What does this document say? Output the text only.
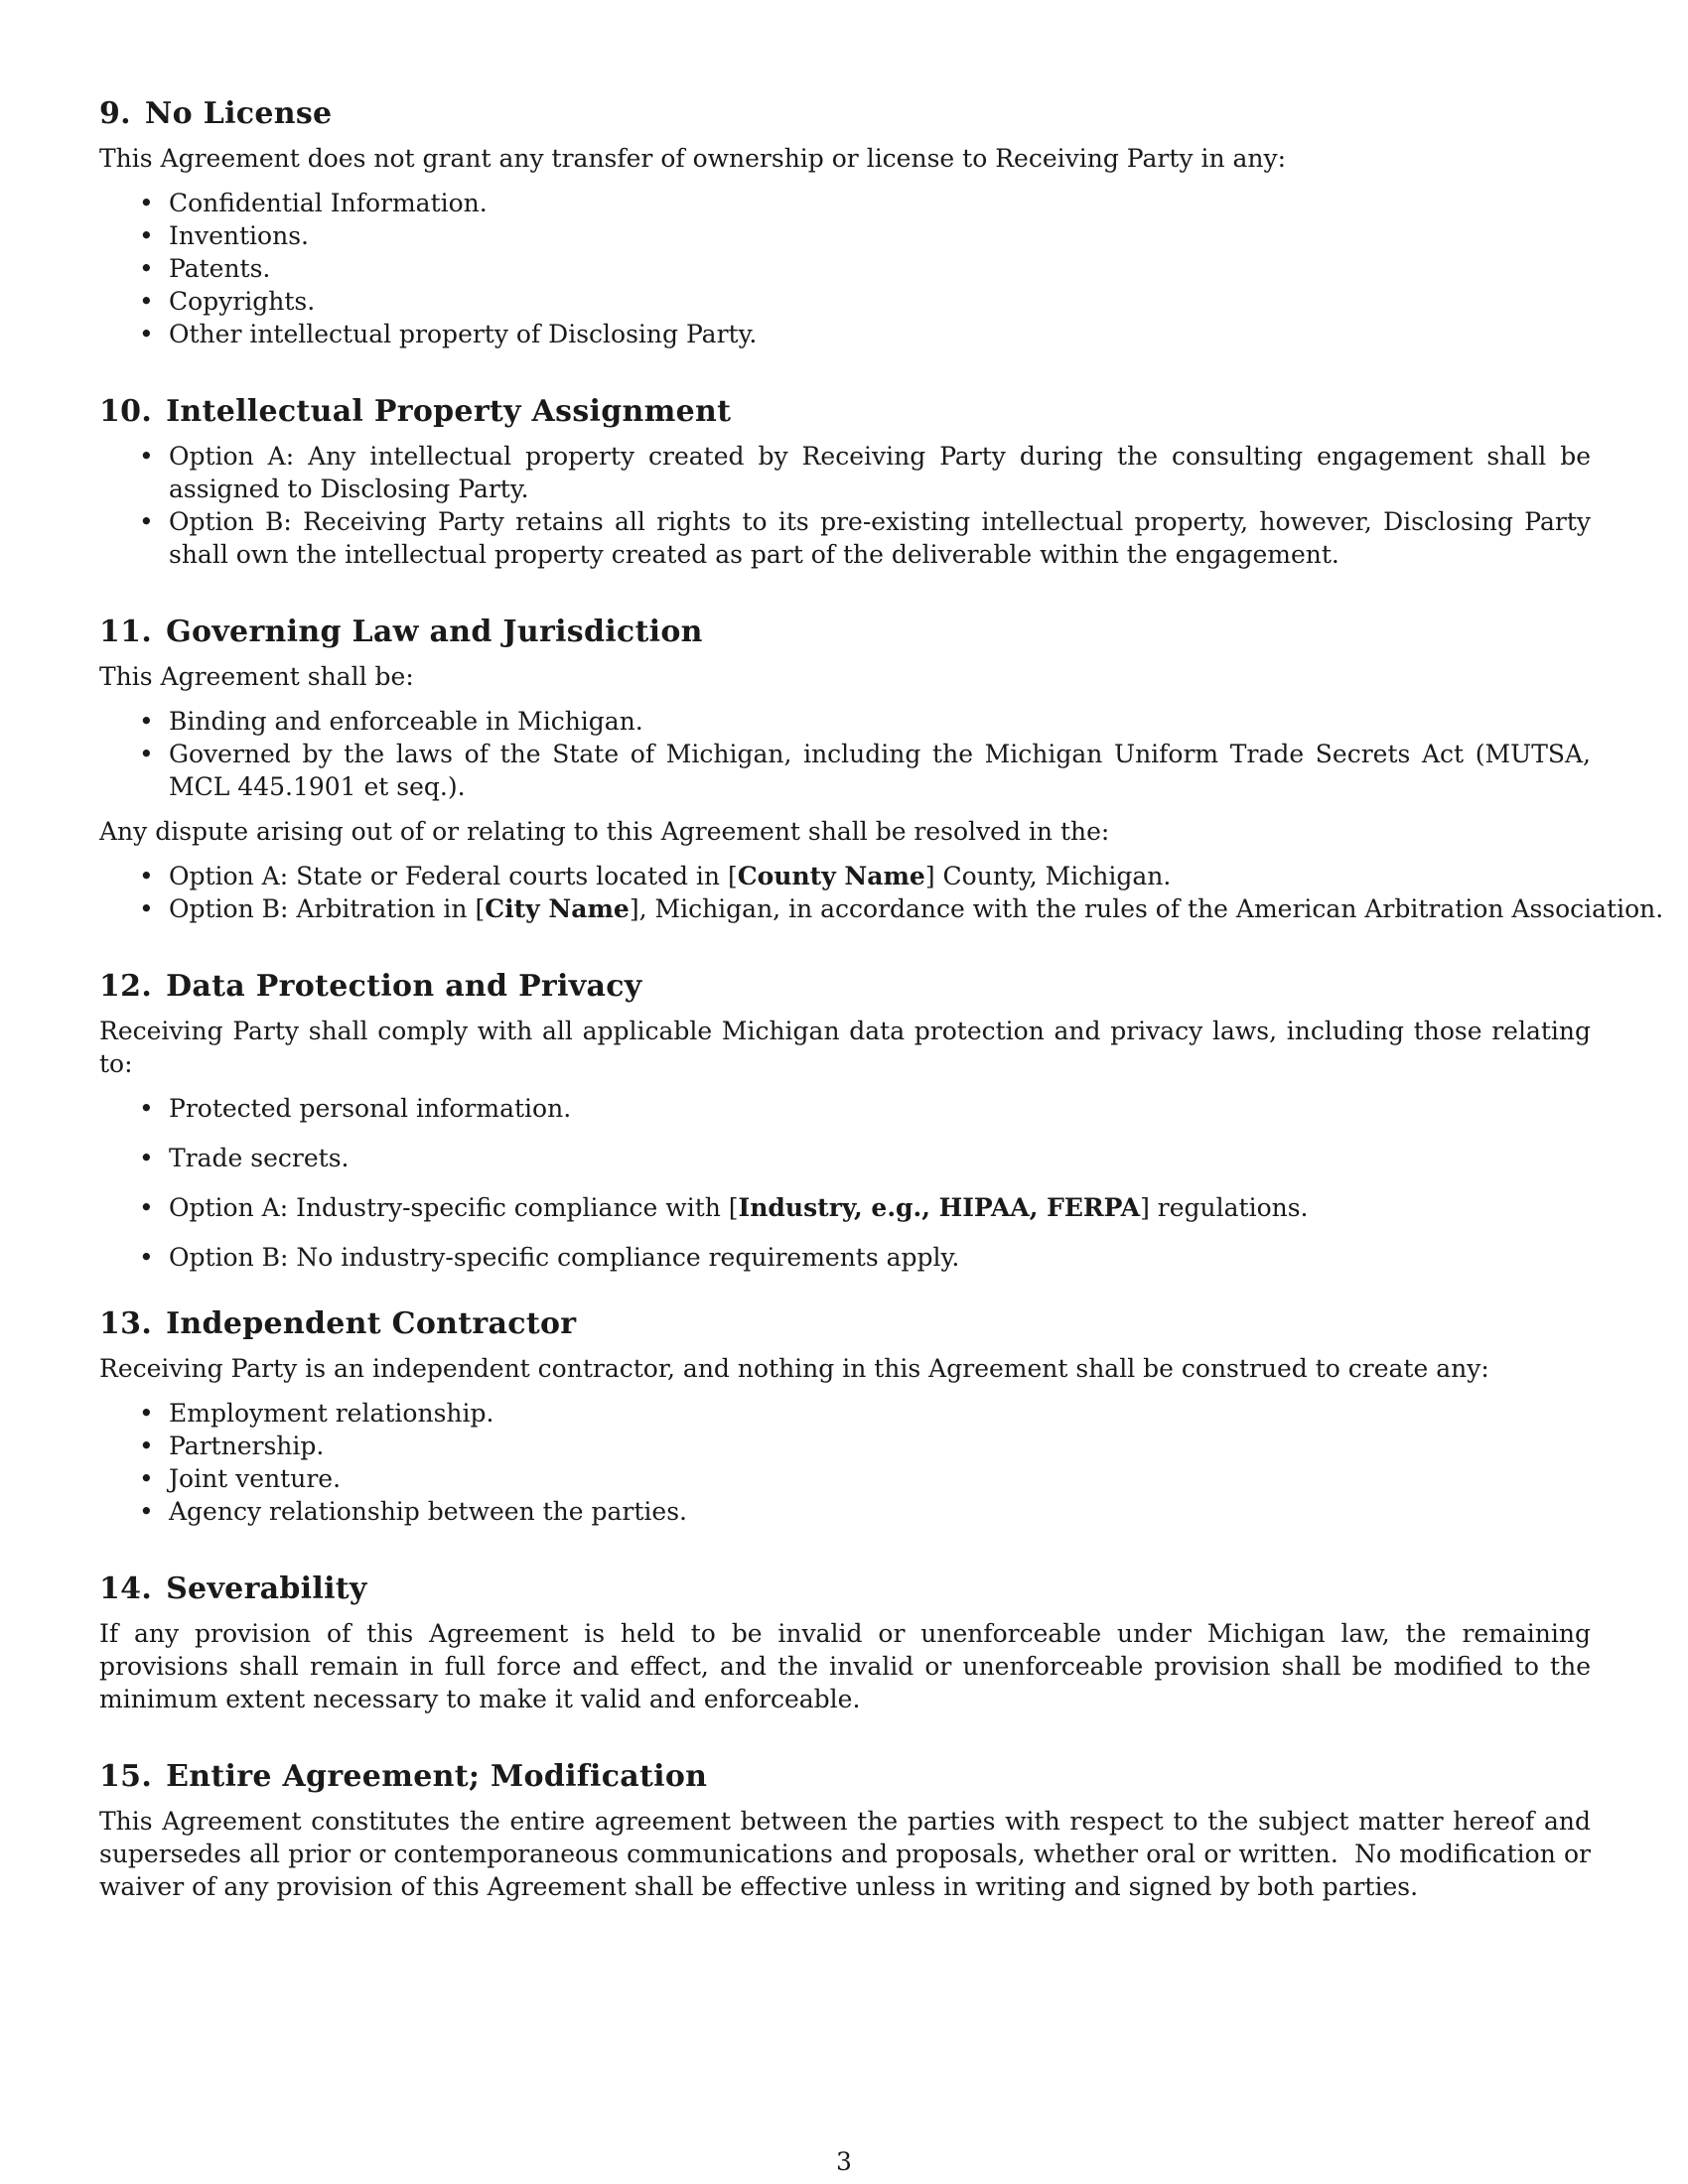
9. No License

This Agreement does not grant any transfer of ownership or license to Receiving Party in any:

• Confidential Information.
• Inventions.
• Patents.
• Copyrights.
• Other intellectual property of Disclosing Party.
10. Intellectual Property Assignment
• Option A: Any intellectual property created by Receiving Party during the consulting engagement shall be assigned to Disclosing Party.
• Option B: Receiving Party retains all rights to its pre-existing intellectual property, however, Disclosing Party shall own the intellectual property created as part of the deliverable within the engagement.
11. Governing Law and Jurisdiction

This Agreement shall be:

• Binding and enforceable in Michigan.
• Governed by the laws of the State of Michigan, including the Michigan Uniform Trade Secrets Act (MUTSA, MCL 445.1901 et seq.).

Any dispute arising out of or relating to this Agreement shall be resolved in the:

• Option A: State or Federal courts located in [County Name] County, Michigan.
• Option B: Arbitration in [City Name], Michigan, in accordance with the rules of the American Arbitration Association.
12. Data Protection and Privacy

Receiving Party shall comply with all applicable Michigan data protection and privacy laws, including those relating to:

• Protected personal information.
• Trade secrets.
• Option A: Industry-specific compliance with [Industry, e.g., HIPAA, FERPA] regulations.
• Option B: No industry-specific compliance requirements apply.
13. Independent Contractor

Receiving Party is an independent contractor, and nothing in this Agreement shall be construed to create any:

• Employment relationship.
• Partnership.
• Joint venture.
• Agency relationship between the parties.
14. Severability

If any provision of this Agreement is held to be invalid or unenforceable under Michigan law, the remaining provisions shall remain in full force and effect, and the invalid or unenforceable provision shall be modified to the minimum extent necessary to make it valid and enforceable.

15. Entire Agreement; Modification

This Agreement constitutes the entire agreement between the parties with respect to the subject matter hereof and supersedes all prior or contemporaneous communications and proposals, whether oral or written.  No modification or waiver of any provision of this Agreement shall be effective unless in writing and signed by both parties.

3
